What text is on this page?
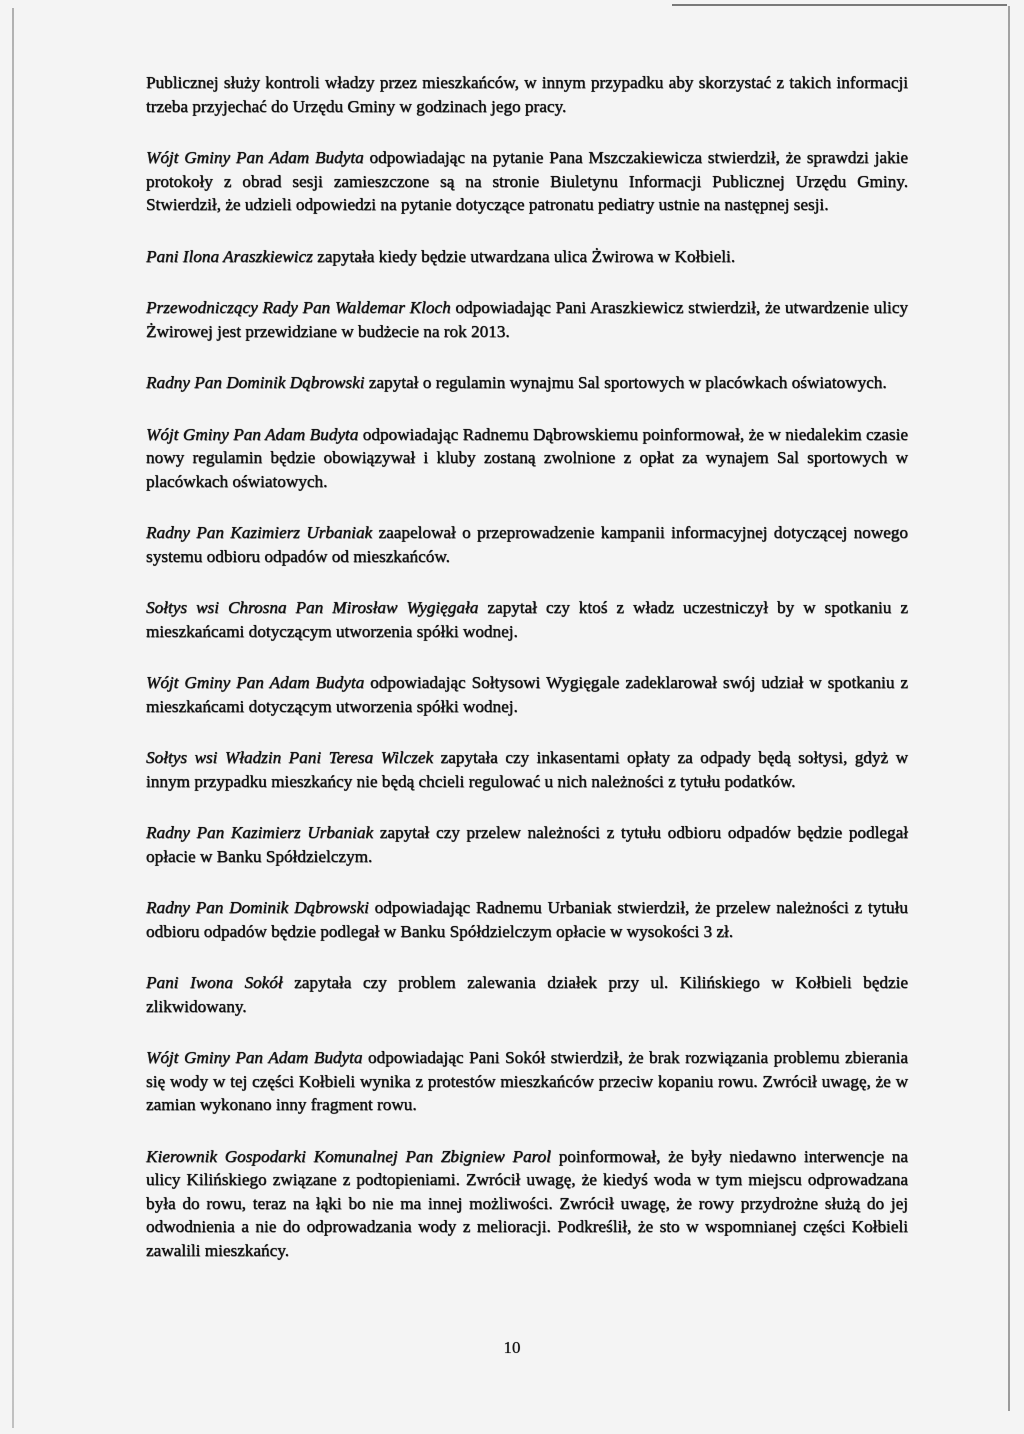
Publicznej służy kontroli władzy przez mieszkańców, w innym przypadku aby skorzystać z takich informacji trzeba przyjechać do Urzędu Gminy w godzinach jego pracy.

Wójt Gminy Pan Adam Budyta odpowiadając na pytanie Pana Mszczakiewicza stwierdził, że sprawdzi jakie protokoły z obrad sesji zamieszczone są na stronie Biuletynu Informacji Publicznej Urzędu Gminy. Stwierdził, że udzieli odpowiedzi na pytanie dotyczące patronatu pediatry ustnie na następnej sesji.

Pani Ilona Araszkiewicz zapytała kiedy będzie utwardzana ulica Żwirowa w Kołbieli.

Przewodniczący Rady Pan Waldemar Kloch odpowiadając Pani Araszkiewicz stwierdził, że utwardzenie ulicy Żwirowej jest przewidziane w budżecie na rok 2013.

Radny Pan Dominik Dąbrowski zapytał o regulamin wynajmu Sal sportowych w placówkach oświatowych.

Wójt Gminy Pan Adam Budyta odpowiadając Radnemu Dąbrowskiemu poinformował, że w niedalekim czasie nowy regulamin będzie obowiązywał i kluby zostaną zwolnione z opłat za wynajem Sal sportowych w placówkach oświatowych.

Radny Pan Kazimierz Urbaniak zaapelował o przeprowadzenie kampanii informacyjnej dotyczącej nowego systemu odbioru odpadów od mieszkańców.

Sołtys wsi Chrosna Pan Mirosław Wygięgała zapytał czy ktoś z władz uczestniczył by w spotkaniu z mieszkańcami dotyczącym utworzenia spółki wodnej.

Wójt Gminy Pan Adam Budyta odpowiadając Sołtysowi Wygięgale zadeklarował swój udział w spotkaniu z mieszkańcami dotyczącym utworzenia spółki wodnej.

Sołtys wsi Władzin Pani Teresa Wilczek zapytała czy inkasentami opłaty za odpady będą sołtysi, gdyż w innym przypadku mieszkańcy nie będą chcieli regulować u nich należności z tytułu podatków.

Radny Pan Kazimierz Urbaniak zapytał czy przelew należności z tytułu odbioru odpadów będzie podlegał opłacie w Banku Spółdzielczym.

Radny Pan Dominik Dąbrowski odpowiadając Radnemu Urbaniak stwierdził, że przelew należności z tytułu odbioru odpadów będzie podlegał w Banku Spółdzielczym opłacie w wysokości 3 zł.

Pani Iwona Sokół zapytała czy problem zalewania działek przy ul. Kilińskiego w Kołbieli będzie zlikwidowany.

Wójt Gminy Pan Adam Budyta odpowiadając Pani Sokół stwierdził, że brak rozwiązania problemu zbierania się wody w tej części Kołbieli wynika z protestów mieszkańców przeciw kopaniu rowu. Zwrócił uwagę, że w zamian wykonano inny fragment rowu.

Kierownik Gospodarki Komunalnej Pan Zbigniew Parol poinformował, że były niedawno interwencje na ulicy Kilińskiego związane z podtopieniami. Zwrócił uwagę, że kiedyś woda w tym miejscu odprowadzana była do rowu, teraz na łąki bo nie ma innej możliwości. Zwrócił uwagę, że rowy przydrożne służą do jej odwodnienia a nie do odprowadzania wody z melioracji. Podkreślił, że sto w wspomnianej części Kołbieli zawalili mieszkańcy.

10
